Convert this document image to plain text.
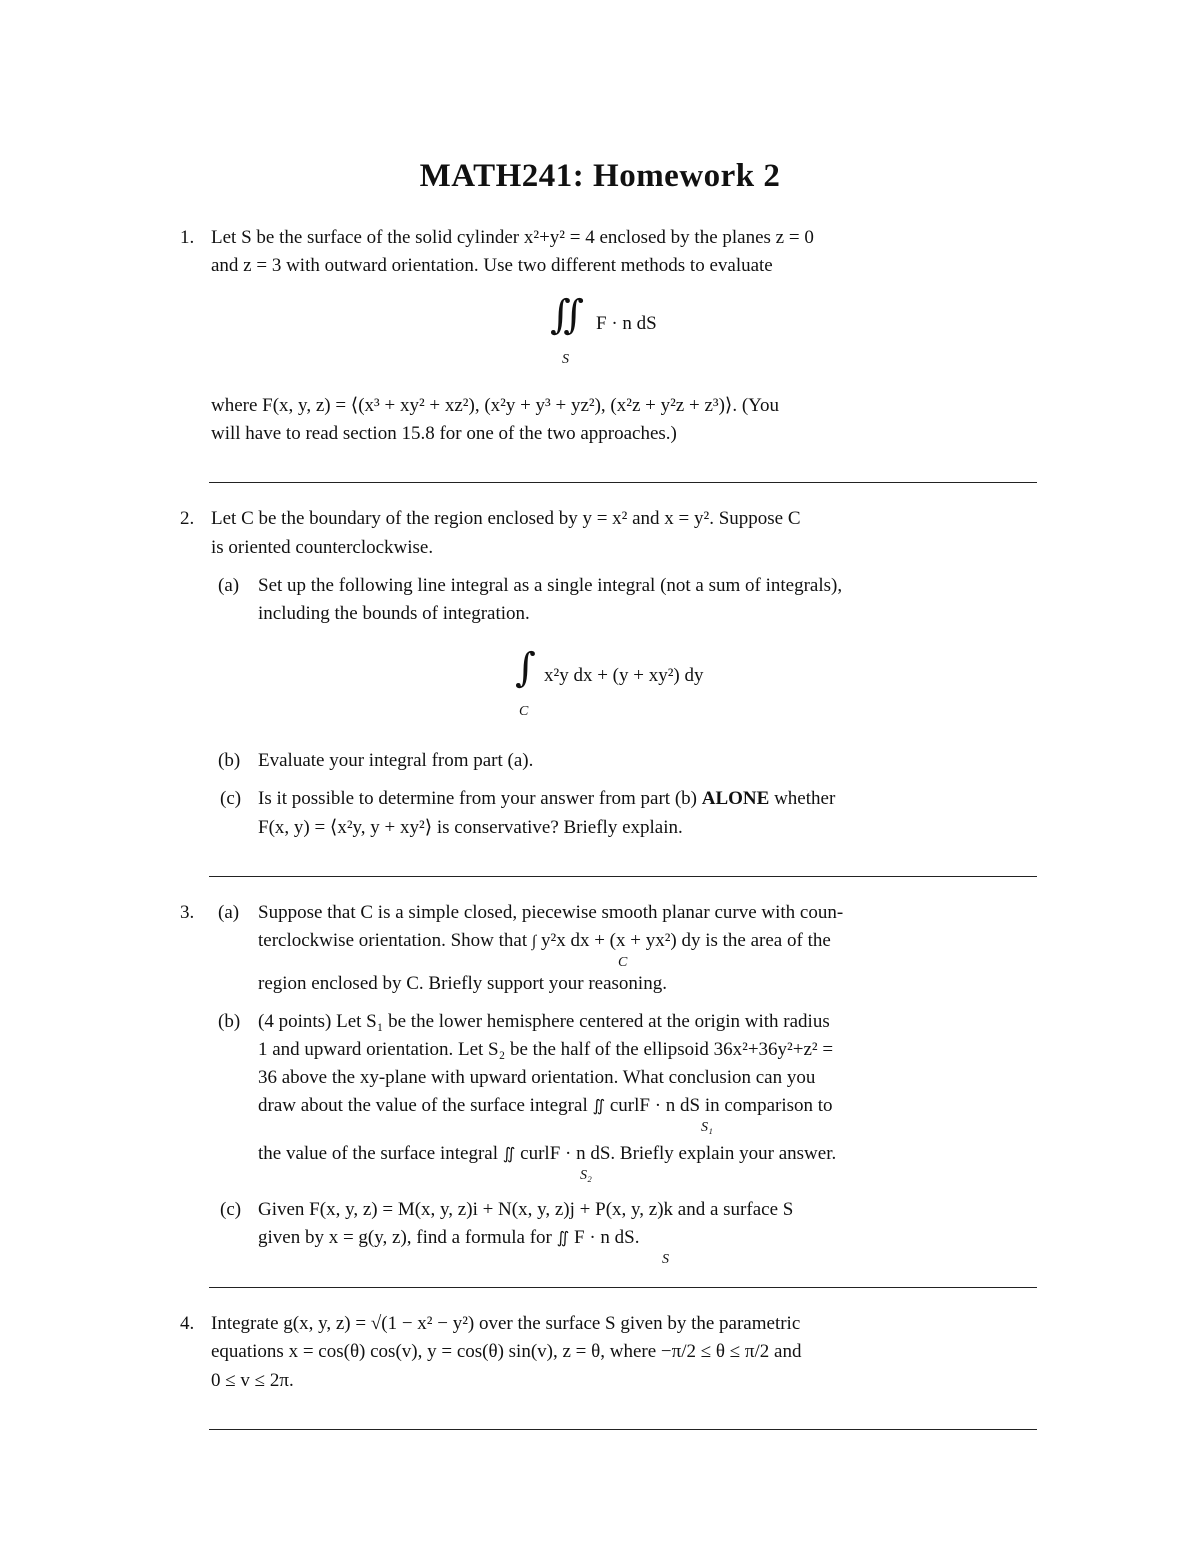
MATH241: Homework 2
1. Let S be the surface of the solid cylinder x²+y² = 4 enclosed by the planes z = 0
and z = 3 with outward orientation. Use two different methods to evaluate
∬
S
F · n dS
where F(x, y, z) = ⟨(x³ + xy² + xz²), (x²y + y³ + yz²), (x²z + y²z + z³)⟩. (You
will have to read section 15.8 for one of the two approaches.)
2. Let C be the boundary of the region enclosed by y = x² and x = y². Suppose C
is oriented counterclockwise.
(a) Set up the following line integral as a single integral (not a sum of integrals),
including the bounds of integration.
∫
C
x²y dx + (y + xy²) dy
(b) Evaluate your integral from part (a).
(c) Is it possible to determine from your answer from part (b) ALONE whether
F(x, y) = ⟨x²y, y + xy²⟩ is conservative? Briefly explain.
3. (a) Suppose that C is a simple closed, piecewise smooth planar curve with coun-
terclockwise orientation. Show that ∫ y²x dx + (x + yx²) dy is the area of the
C
region enclosed by C. Briefly support your reasoning.
(b) (4 points) Let S₁ be the lower hemisphere centered at the origin with radius
1 and upward orientation. Let S₂ be the half of the ellipsoid 36x²+36y²+z² =
36 above the xy-plane with upward orientation. What conclusion can you
draw about the value of the surface integral ∬ curlF · n dS in comparison to
S₁
the value of the surface integral ∬ curlF · n dS. Briefly explain your answer.
S₂
(c) Given F(x, y, z) = M(x, y, z)i + N(x, y, z)j + P(x, y, z)k and a surface S
given by x = g(y, z), find a formula for ∬ F · n dS.
S
4. Integrate g(x, y, z) = √(1 − x² − y²) over the surface S given by the parametric
equations x = cos(θ) cos(v), y = cos(θ) sin(v), z = θ, where −π/2 ≤ θ ≤ π/2 and
0 ≤ v ≤ 2π.
